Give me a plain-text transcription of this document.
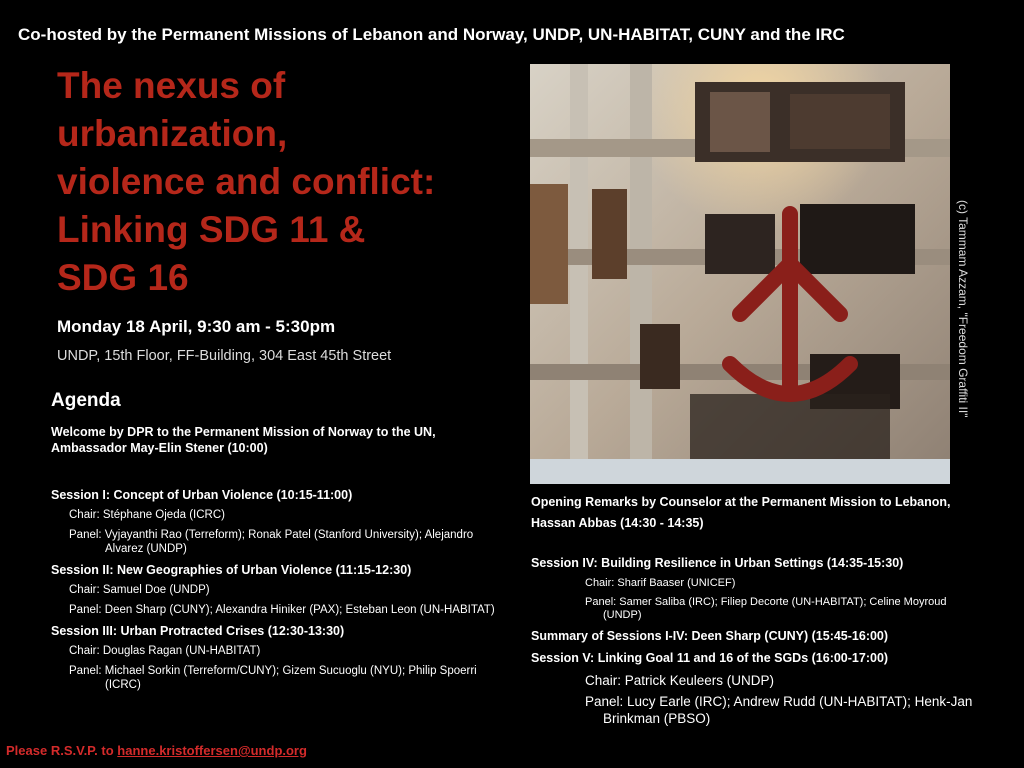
Co-hosted by the Permanent Missions of Lebanon and Norway, UNDP, UN-HABITAT, CUNY and the IRC
The nexus of
urbanization,
violence and conflict:
Linking SDG 11 &
SDG 16
Monday 18 April, 9:30 am - 5:30pm
UNDP, 15th Floor, FF-Building, 304 East 45th Street
Agenda
Welcome by DPR to the Permanent Mission of Norway to the UN, Ambassador May-Elin Stener (10:00)
Session I: Concept of Urban Violence (10:15-11:00)
Chair: Stéphane Ojeda (ICRC)
Panel: Vyjayanthi Rao (Terreform); Ronak Patel (Stanford University); Alejandro Alvarez (UNDP)
Session II: New Geographies of Urban Violence (11:15-12:30)
Chair: Samuel Doe (UNDP)
Panel: Deen Sharp (CUNY); Alexandra Hiniker (PAX); Esteban Leon (UN-HABITAT)
Session III: Urban Protracted Crises (12:30-13:30)
Chair: Douglas Ragan (UN-HABITAT)
Panel: Michael Sorkin (Terreform/CUNY); Gizem Sucuoglu (NYU); Philip Spoerri (ICRC)
(c) Tammam Azzam, "Freedom Graffiti II"
Opening Remarks by Counselor at the Permanent Mission to Lebanon, Hassan Abbas (14:30 - 14:35)
Session IV: Building Resilience in Urban Settings (14:35-15:30)
Chair: Sharif Baaser (UNICEF)
Panel: Samer Saliba (IRC); Filiep Decorte (UN-HABITAT); Celine Moyroud (UNDP)
Summary of Sessions I-IV: Deen Sharp (CUNY) (15:45-16:00)
Session V: Linking Goal 11 and 16 of the SGDs (16:00-17:00)
Chair: Patrick Keuleers (UNDP)
Panel: Lucy Earle (IRC); Andrew Rudd (UN-HABITAT); Henk-Jan Brinkman (PBSO)
Please R.S.V.P. to hanne.kristoffersen@undp.org
